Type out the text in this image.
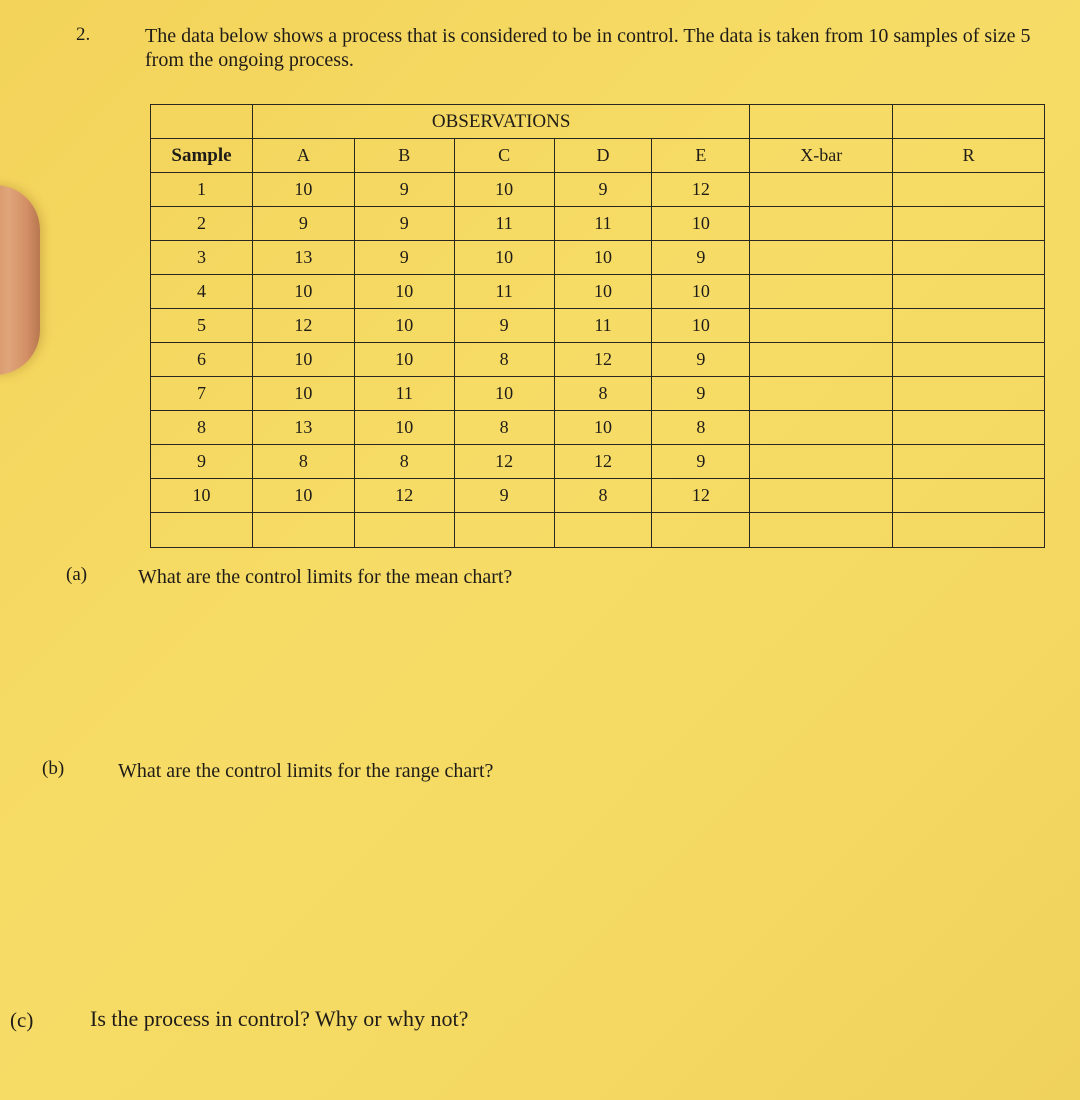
2.	The data below shows a process that is considered to be in control. The data is taken from 10 samples of size 5 from the ongoing process.
	OBSERVATIONS						
Sample	A	B	C	D	E	X-bar	R
1	10	9	10	9	12		
2	9	9	11	11	10		
3	13	9	10	10	9		
4	10	10	11	10	10		
5	12	10	9	11	10		
6	10	10	8	12	9		
7	10	11	10	8	9		
8	13	10	8	10	8		
9	8	8	12	12	9		
10	10	12	9	8	12		

(a)	What are the control limits for the mean chart?
(b)	What are the control limits for the range chart?
(c)	Is the process in control? Why or why not?
